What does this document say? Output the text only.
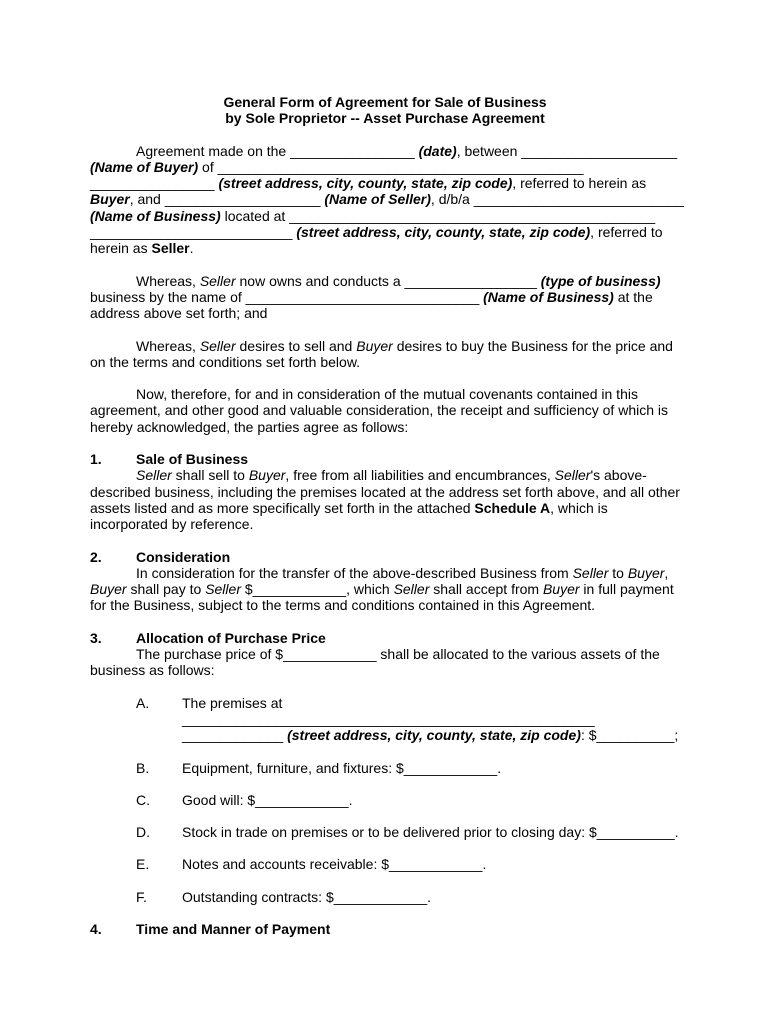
General Form of Agreement for Sale of Business

by Sole Proprietor -- Asset Purchase Agreement

Agreement made on the ________________ (date), between ____________________

(Name of Buyer) of _______________________________________________

________________ (street address, city, county, state, zip code), referred to herein as

Buyer, and ____________________ (Name of Seller), d/b/a ___________________________

(Name of Business) located at _______________________________________________

__________________________ (street address, city, county, state, zip code), referred to

herein as Seller.

Whereas, Seller now owns and conducts a _________________ (type of business) business by the name of ______________________________ (Name of Business) at the address above set forth; and

Whereas, Seller desires to sell and Buyer desires to buy the Business for the price and on the terms and conditions set forth below.

Now, therefore, for and in consideration of the mutual covenants contained in this agreement, and other good and valuable consideration, the receipt and sufficiency of which is hereby acknowledged, the parties agree as follows:

1.	Sale of Business

Seller shall sell to Buyer, free from all liabilities and encumbrances, Seller's above-described business, including the premises located at the address set forth above, and all other assets listed and as more specifically set forth in the attached Schedule A, which is incorporated by reference.

2.	Consideration

In consideration for the transfer of the above-described Business from Seller to Buyer, Buyer shall pay to Seller $____________, which Seller shall accept from Buyer in full payment for the Business, subject to the terms and conditions contained in this Agreement.

3.	Allocation of Purchase Price

The purchase price of $____________ shall be allocated to the various assets of the business as follows:

A.	The premises at _____________________________________________________
_____________ (street address, city, county, state, zip code): $__________;
B.	Equipment, furniture, and fixtures: $____________.
C.	Good will: $____________.
D.	Stock in trade on premises or to be delivered prior to closing day: $__________.
E.	Notes and accounts receivable: $____________.
F.	Outstanding contracts: $____________.
4.	Time and Manner of Payment
